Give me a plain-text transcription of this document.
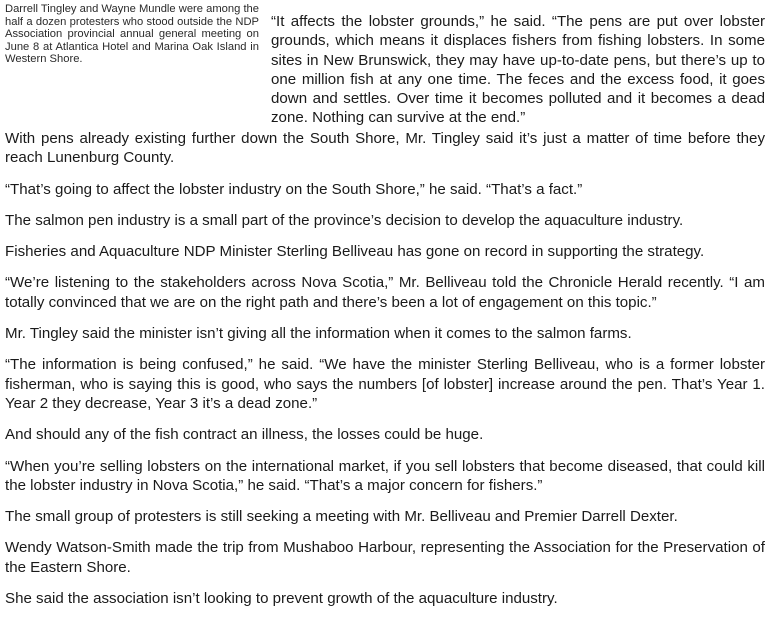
Darrell Tingley and Wayne Mundle were among the half a dozen protesters who stood outside the NDP Association provincial annual general meeting on June 8 at Atlantica Hotel and Marina Oak Island in Western Shore.

“It affects the lobster grounds,” he said. “The pens are put over lobster grounds, which means it displaces fishers from fishing lobsters. In some sites in New Brunswick, they may have up-to-date pens, but there’s up to one million fish at any one time. The feces and the excess food, it goes down and settles. Over time it becomes polluted and it becomes a dead zone. Nothing can survive at the end.”

With pens already existing further down the South Shore, Mr. Tingley said it’s just a matter of time before they reach Lunenburg County.

“That’s going to affect the lobster industry on the South Shore,” he said. “That’s a fact.”

The salmon pen industry is a small part of the province’s decision to develop the aquaculture industry.

Fisheries and Aquaculture NDP Minister Sterling Belliveau has gone on record in supporting the strategy.

“We’re listening to the stakeholders across Nova Scotia,” Mr. Belliveau told the Chronicle Herald recently. “I am totally convinced that we are on the right path and there’s been a lot of engagement on this topic.”

Mr. Tingley said the minister isn’t giving all the information when it comes to the salmon farms.

“The information is being confused,” he said. “We have the minister Sterling Belliveau, who is a former lobster fisherman, who is saying this is good, who says the numbers [of lobster] increase around the pen. That’s Year 1. Year 2 they decrease, Year 3 it’s a dead zone.”

And should any of the fish contract an illness, the losses could be huge.

“When you’re selling lobsters on the international market, if you sell lobsters that become diseased, that could kill the lobster industry in Nova Scotia,” he said. “That’s a major concern for fishers.”

The small group of protesters is still seeking a meeting with Mr. Belliveau and Premier Darrell Dexter.

Wendy Watson-Smith made the trip from Mushaboo Harbour, representing the Association for the Preservation of the Eastern Shore.

She said the association isn’t looking to prevent growth of the aquaculture industry.
